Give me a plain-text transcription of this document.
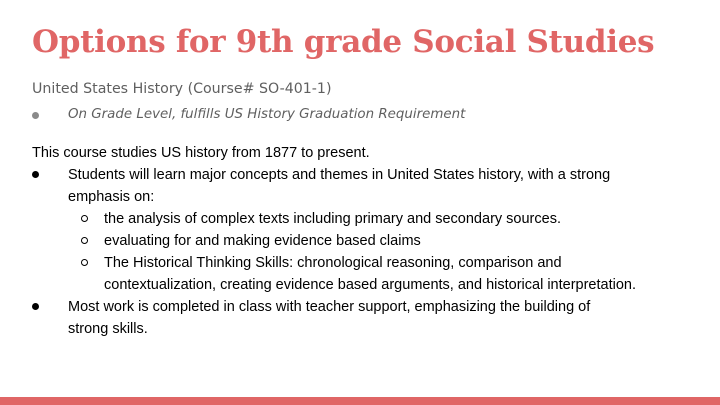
Options for 9th grade Social Studies
United States History (Course# SO-401-1)
On Grade Level, fulfills US History Graduation Requirement
This course studies US history from 1877 to present.
Students will learn major concepts and themes in United States history, with a strong
emphasis on:
the analysis of complex texts including primary and secondary sources.
evaluating for and making evidence based claims
The Historical Thinking Skills: chronological reasoning, comparison and
contextualization, creating evidence based arguments, and historical interpretation.
Most work is completed in class with teacher support, emphasizing the building of
strong skills.
